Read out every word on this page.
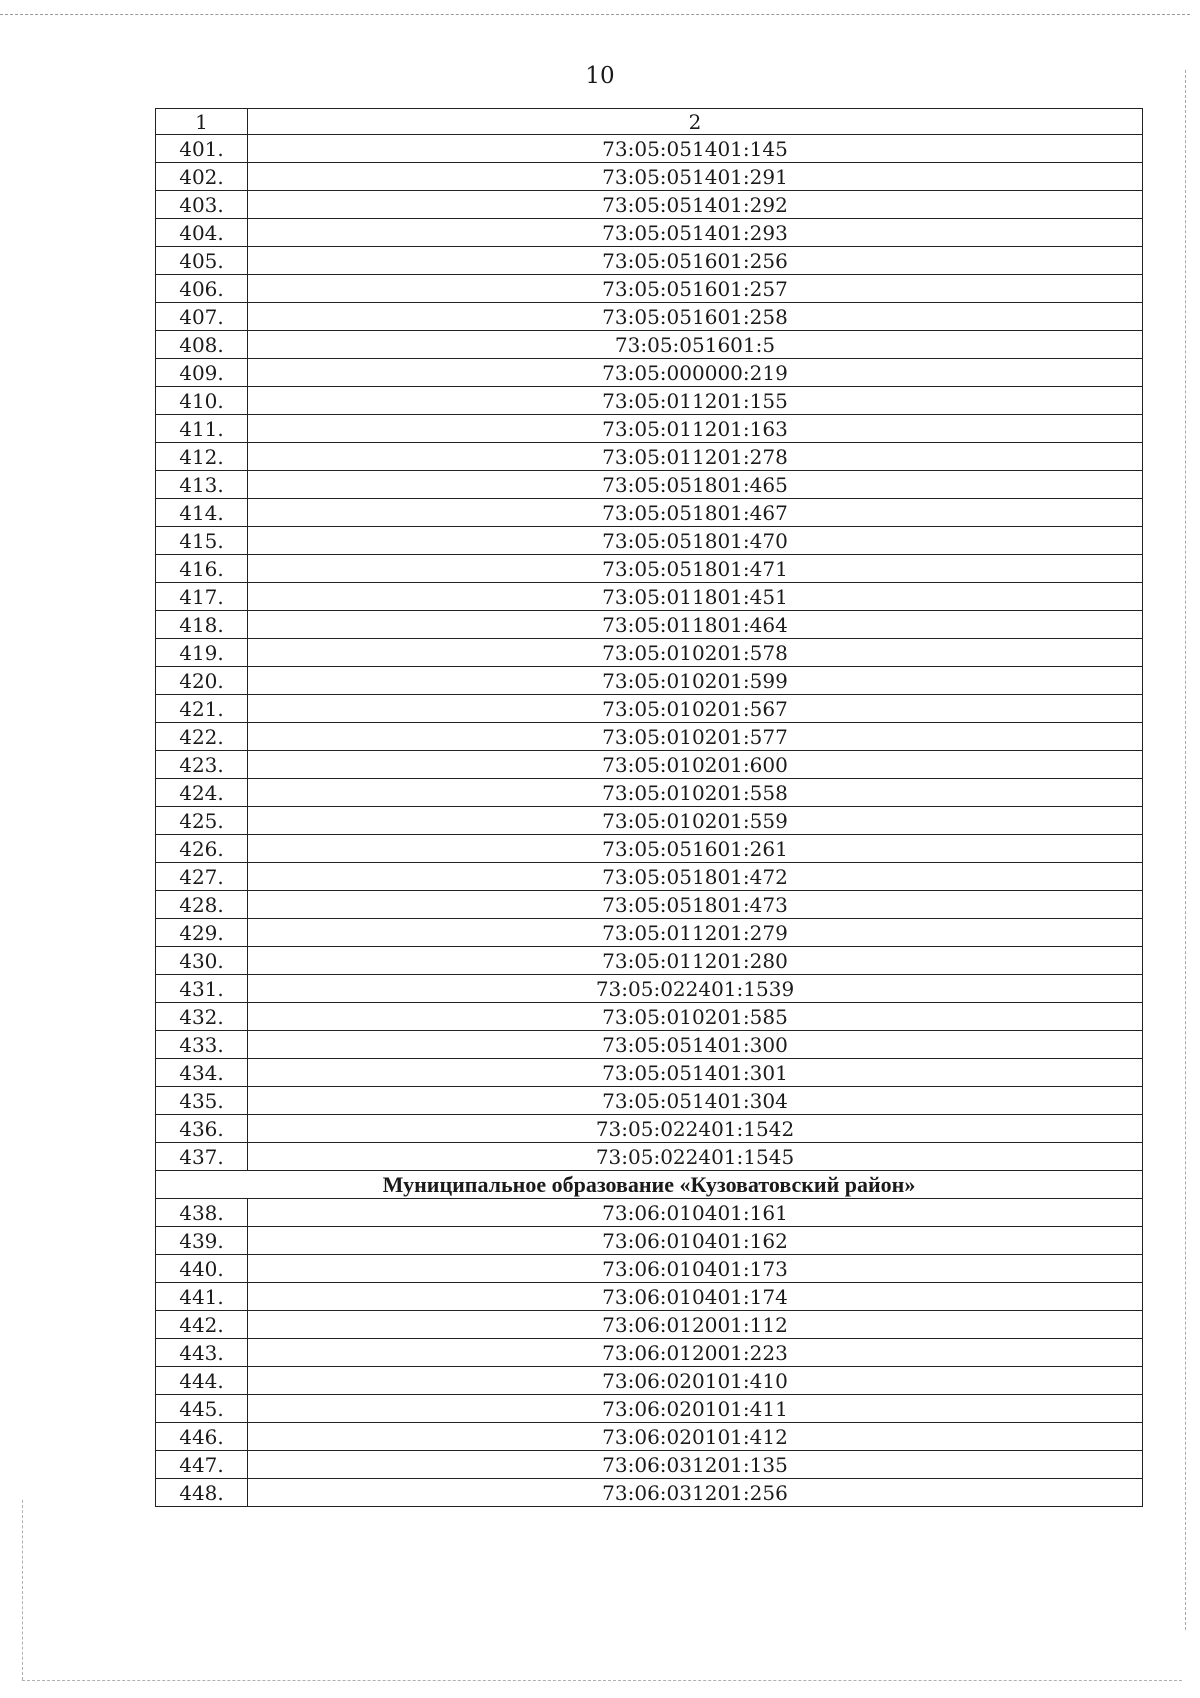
10
1	2
401.	73:05:051401:145
402.	73:05:051401:291
403.	73:05:051401:292
404.	73:05:051401:293
405.	73:05:051601:256
406.	73:05:051601:257
407.	73:05:051601:258
408.	73:05:051601:5
409.	73:05:000000:219
410.	73:05:011201:155
411.	73:05:011201:163
412.	73:05:011201:278
413.	73:05:051801:465
414.	73:05:051801:467
415.	73:05:051801:470
416.	73:05:051801:471
417.	73:05:011801:451
418.	73:05:011801:464
419.	73:05:010201:578
420.	73:05:010201:599
421.	73:05:010201:567
422.	73:05:010201:577
423.	73:05:010201:600
424.	73:05:010201:558
425.	73:05:010201:559
426.	73:05:051601:261
427.	73:05:051801:472
428.	73:05:051801:473
429.	73:05:011201:279
430.	73:05:011201:280
431.	73:05:022401:1539
432.	73:05:010201:585
433.	73:05:051401:300
434.	73:05:051401:301
435.	73:05:051401:304
436.	73:05:022401:1542
437.	73:05:022401:1545
Муниципальное образование «Кузоватовский район»	
438.	73:06:010401:161
439.	73:06:010401:162
440.	73:06:010401:173
441.	73:06:010401:174
442.	73:06:012001:112
443.	73:06:012001:223
444.	73:06:020101:410
445.	73:06:020101:411
446.	73:06:020101:412
447.	73:06:031201:135
448.	73:06:031201:256
